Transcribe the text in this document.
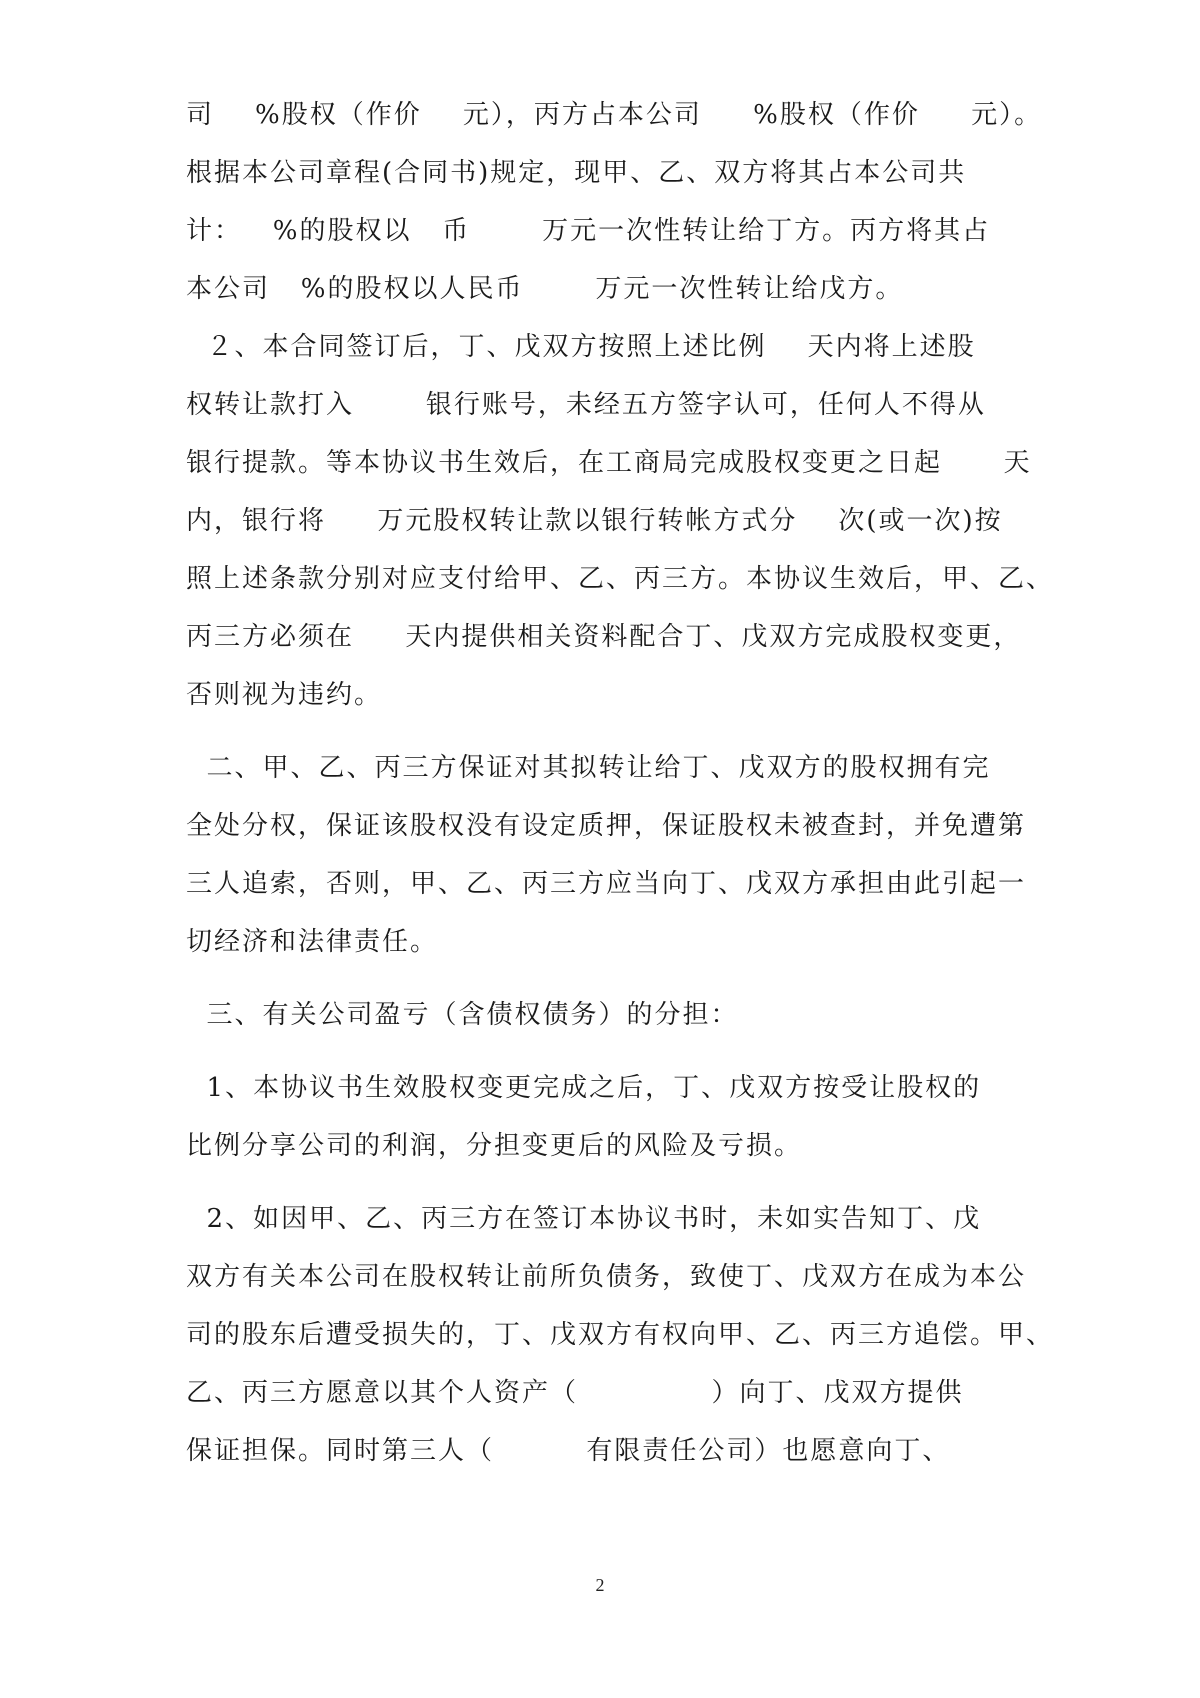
司    %股权（作价    元），丙方占本公司     %股权（作价     元）。
根据本公司章程(合同书)规定，现甲、乙、双方将其占本公司共
计：   %的股权以   币       万元一次性转让给丁方。丙方将其占
本公司   %的股权以人民币       万元一次性转让给戊方。
２、本合同签订后，丁、戊双方按照上述比例    天内将上述股
权转让款打入       银行账号，未经五方签字认可，任何人不得从
银行提款。等本协议书生效后，在工商局完成股权变更之日起      天
内，银行将     万元股权转让款以银行转帐方式分    次(或一次)按
照上述条款分别对应支付给甲、乙、丙三方。本协议生效后，甲、乙、
丙三方必须在     天内提供相关资料配合丁、戊双方完成股权变更，
否则视为违约。
二、甲、乙、丙三方保证对其拟转让给丁、戊双方的股权拥有完
全处分权，保证该股权没有设定质押，保证股权未被查封，并免遭第
三人追索，否则，甲、乙、丙三方应当向丁、戊双方承担由此引起一
切经济和法律责任。
三、有关公司盈亏（含债权债务）的分担：
1、本协议书生效股权变更完成之后，丁、戊双方按受让股权的
比例分享公司的利润，分担变更后的风险及亏损。
2、如因甲、乙、丙三方在签订本协议书时，未如实告知丁、戊
双方有关本公司在股权转让前所负债务，致使丁、戊双方在成为本公
司的股东后遭受损失的，丁、戊双方有权向甲、乙、丙三方追偿。甲、
乙、丙三方愿意以其个人资产（             ）向丁、戊双方提供
保证担保。同时第三人（         有限责任公司）也愿意向丁、
2
